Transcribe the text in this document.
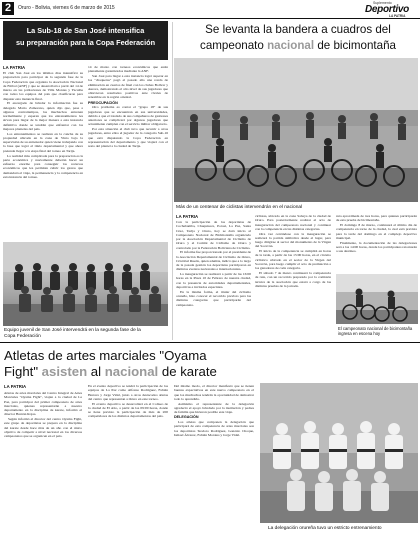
2	Oruro - Bolivia, viernes 6 de marzo de 2015
Suplemento
Deportivo
LA PATRIA
La Sub-18 de San José intensifica
su preparación para la Copa Federación
LA PATRIA

El club San José en los últimos días intensificó su preparación para participar de la segunda fase de la Copa Federación que organiza la Asociación Nacional de Fútbol (ANF) y que se desarrollará a partir del 14 de marzo en las poblaciones de Villa Montes y Yacuiba con todos los equipos del país que clasificaron para disputar esta instancia final.

El encargado de brindar la información fue su delegado Mario Zamorano, quien dijo que, pese a algunos contratiempos, los muchachos entrenan normalmente y esperan que los entrenamientos les sirvan para llegar de la mejor manera a esta instancia definitiva donde se tendrán que enfrentar con los mejores planteles del país.

Los entrenamientos se realizan en la cancha de su propiedad ubicada en la zona de Vinto bajo la supervisión de su entrenador quien viene trabajando con la base que logró el título departamental y que ahora pretende llegar a la etapa final del torneo en Tarija.

La realidad más complicada para la preparación es la parte económica y nuevamente deberán hacer un esfuerzo enorme para conseguir los recursos económicos que les permitan cubrir los gastos que demandará el viaje, la permanencia y la competencia en esta instancia del torneo.

14 de marzo con torneos económicos que están plenamente garantizados mediante la ANF.

San José para llegar a esta instancia logró superar en los "chaquetas" pagó el pasado año una ronda de eliminación en cuartos de final con los clubes Bolívar y Aurora, demostrando el alto nivel de sus jugadores que obtuvieron resultados positivos ante rivales de renombre en la región oriental.

PREOCUPACIÓN

Otro problema es contar el "grupo 18" de sus jugadores que se encuentran en sus universidades, debido a que el traslado de sus compañeros de gestiones anteriores se complicará por algunos jugadores que actualmente cumplen con el servicio militar obligatorio.

Por esta situación el club tuvo que recurrir a otros jugadores, entre ellos el jugador de la categoría Sub-16 que está disputando la Copa Federación en representación del departamento y que viajará con el resto del plantel a la ciudad de Tarija.

Equipo juvenil de San José intervendrá en la segunda fase de la
Copa Federación
Se levanta la bandera a cuadros del
campeonato nacional de bicimontaña
Más de un centenar de ciclistas intervendrán en el nacional
LA PATRIA

Con la participación de los deportistas de Cochabamba, Chuquisaca, Potosí, La Paz, Santa Cruz, Tarija y Oruro, hoy se dará inicio al Campeonato Nacional de Bicimontaña organizado por la Asociación Departamental de Ciclismo de Oruro y el Comité de Ciclismo de Oruro y controlado por la Federación Boliviana de Ciclismo.

El informe fue proporcionado por el presidente de la Asociación Departamental de Ciclismo de Oruro, Cristóbal Rueda, quien además, indicó que a lo largo de la pasada gestión los deportistas participaron en distintos eventos nacionales e internacionales.

La inauguración se realizará a partir de las 16:00 horas en la Plaza 10 de Febrero de nuestra ciudad, con la presencia de autoridades departamentales, deportivas e invitados especiales.

En la misma forma, el titular del ciclismo orureño, hizo conocer el recorrido previsto para las distintas categorías que participarán del campeonato.

ciclistas, ubicado en la zona Sabaya de la ciudad de Oruro. Para posteriormente realizar el acto de inauguración del campeonato nacional y continuar con la competencia en las distintas categorías.

Otra vez cerrándose con la inauguración se realizará la partida simbólica desde el lugar, para luego dirigirse al sector del monumento de la Virgen del Socavón.

El inicio de la competencia se cumplirá en horas de la tarde, a partir de las 15:00 horas, en el circuito ciclístico ubicado en el sector de la Virgen del Socavón, para luego cumplir el acto de premiación a los ganadores de cada categoría.

El sábado 7 de marzo continuará la competencia de ruta, con un recorrido preparado por la comisión técnica de la asociación que estará a cargo de las distintas pruebas de la jornada.

ruta aproximada de tres horas, para quienes participarán de esta prueba de bicimontaña.

El domingo 8 de marzo, continuará el último día de competencia en torno de la ciudad, la cual está prevista para la tarde del domingo en el complejo deportivo municipal.

Finalmente, la documentación de las delegaciones será a las 14:00 horas, donde los participantes retornarán a sus destinos.

El campeonato nacional de bicimontaña ingresa en escena hoy
Atletas de artes marciales "Oyama
Fight" asisten al nacional de karate
LA PATRIA

Atletas de artes marciales del Centro Integral de Artes Marciales "Oyama Fight", viajan a la ciudad de La Paz, para participar del primer campeonato de artes marciales, quienes representarán a nuestro departamento en la disciplina de karate, informó el director Hernán Rojas.

Según informó el director del centro Oyama Fight, este grupo de deportistas se prepara en la disciplina del karate desde hace más de un año con el único objetivo de competir a nivel nacional en los diversos campeonatos que se organicen en el país.

En el evento deportivo se tendrá la participación de los equipos de La Paz como Alfonso Rodríguez, Fabián Herrera y Jorge Vidal, junto a otros destacados atletas del centro que representan a Oruro en este torneo.

El evento deportivo se desarrollará en el Coliseo de la ciudad de El Alto, a partir de las 09:00 horas, donde se tiene previsto la participación de más de 200 competidores de los distintos departamentos del país.

Del mismo modo, el director manifestó que se tienen buenas expectativas en este nuevo campeonato en el que los muchachos tendrán la oportunidad de demostrar todo lo aprendido.

Asimismo el representante de la delegación agradeció el apoyo brindado por la institución y padres de familia que hicieron posible este viaje.

DELEGACIÓN

Los atletas que componen la delegación que participará de esta competencia de artes marciales son los deportistas Teodoro Rodríguez, Gonzalo Choque, Ismael Álvarez, Fabián Morales y Jorge Vidal.

La delegación orureña tuvo un estricto entrenamiento
